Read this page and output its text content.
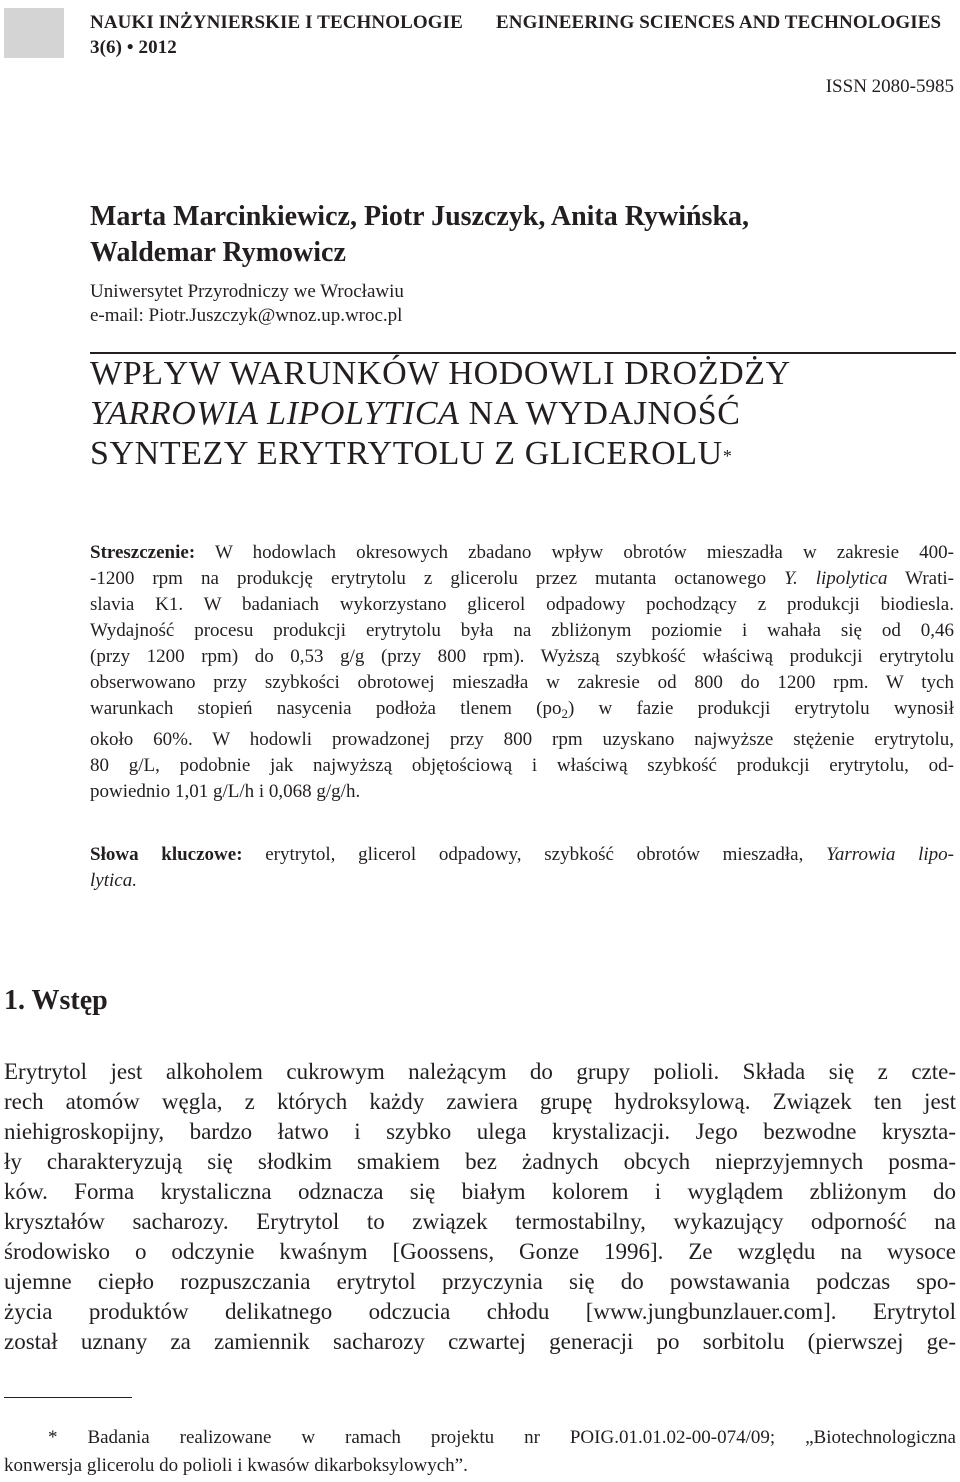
NAUKI INŻYNIERSKIE I TECHNOLOGIE ENGINEERING SCIENCES AND TECHNOLOGIES
3(6) • 2012
ISSN 2080-5985
Marta Marcinkiewicz, Piotr Juszczyk, Anita Rywińska,
Waldemar Rymowicz
Uniwersytet Przyrodniczy we Wrocławiu
e-mail: Piotr.Juszczyk@wnoz.up.wroc.pl
WPŁYW WARUNKÓW HODOWLI DROŻDŻY
YARROWIA LIPOLYTICA NA WYDAJNOŚĆ
SYNTEZY ERYTRYTOLU Z GLICEROLU*
Streszczenie: W hodowlach okresowych zbadano wpływ obrotów mieszadła w zakresie 400-
-1200 rpm na produkcję erytrytolu z glicerolu przez mutanta octanowego Y. lipolytica Wrati-
slavia K1. W badaniach wykorzystano glicerol odpadowy pochodzący z produkcji biodiesla.
Wydajność procesu produkcji erytrytolu była na zbliżonym poziomie i wahała się od 0,46
(przy 1200 rpm) do 0,53 g/g (przy 800 rpm). Wyższą szybkość właściwą produkcji erytrytolu
obserwowano przy szybkości obrotowej mieszadła w zakresie od 800 do 1200 rpm. W tych
warunkach stopień nasycenia podłoża tlenem $(po_2)$ w fazie produkcji erytrytolu wynosił
około 60%. W hodowli prowadzonej przy 800 rpm uzyskano najwyższe stężenie erytrytolu,
80 g/L, podobnie jak najwyższą objętościową i właściwą szybkość produkcji erytrytolu, od-
powiednio 1,01 g/L/h i 0,068 g/g/h.
Słowa kluczowe: erytrytol, glicerol odpadowy, szybkość obrotów mieszadła, Yarrowia lipo-
lytica.
1. Wstęp
Erytrytol jest alkoholem cukrowym należącym do grupy polioli. Składa się z czte-
rech atomów węgla, z których każdy zawiera grupę hydroksylową. Związek ten jest
niehigroskopijny, bardzo łatwo i szybko ulega krystalizacji. Jego bezwodne kryszta-
ły charakteryzują się słodkim smakiem bez żadnych obcych nieprzyjemnych posma-
ków. Forma krystaliczna odznacza się białym kolorem i wyglądem zbliżonym do
kryształów sacharozy. Erytrytol to związek termostabilny, wykazujący odporność na
środowisko o odczynie kwaśnym [Goossens, Gonze 1996]. Ze względu na wysoce
ujemne ciepło rozpuszczania erytrytol przyczynia się do powstawania podczas spo-
życia produktów delikatnego odczucia chłodu [www.jungbunzlauer.com]. Erytrytol
został uznany za zamiennik sacharozy czwartej generacji po sorbitolu (pierwszej ge-
* Badania realizowane w ramach projektu nr POIG.01.01.02-00-074/09; „Biotechnologiczna
konwersja glicerolu do polioli i kwasów dikarboksylowych”.
